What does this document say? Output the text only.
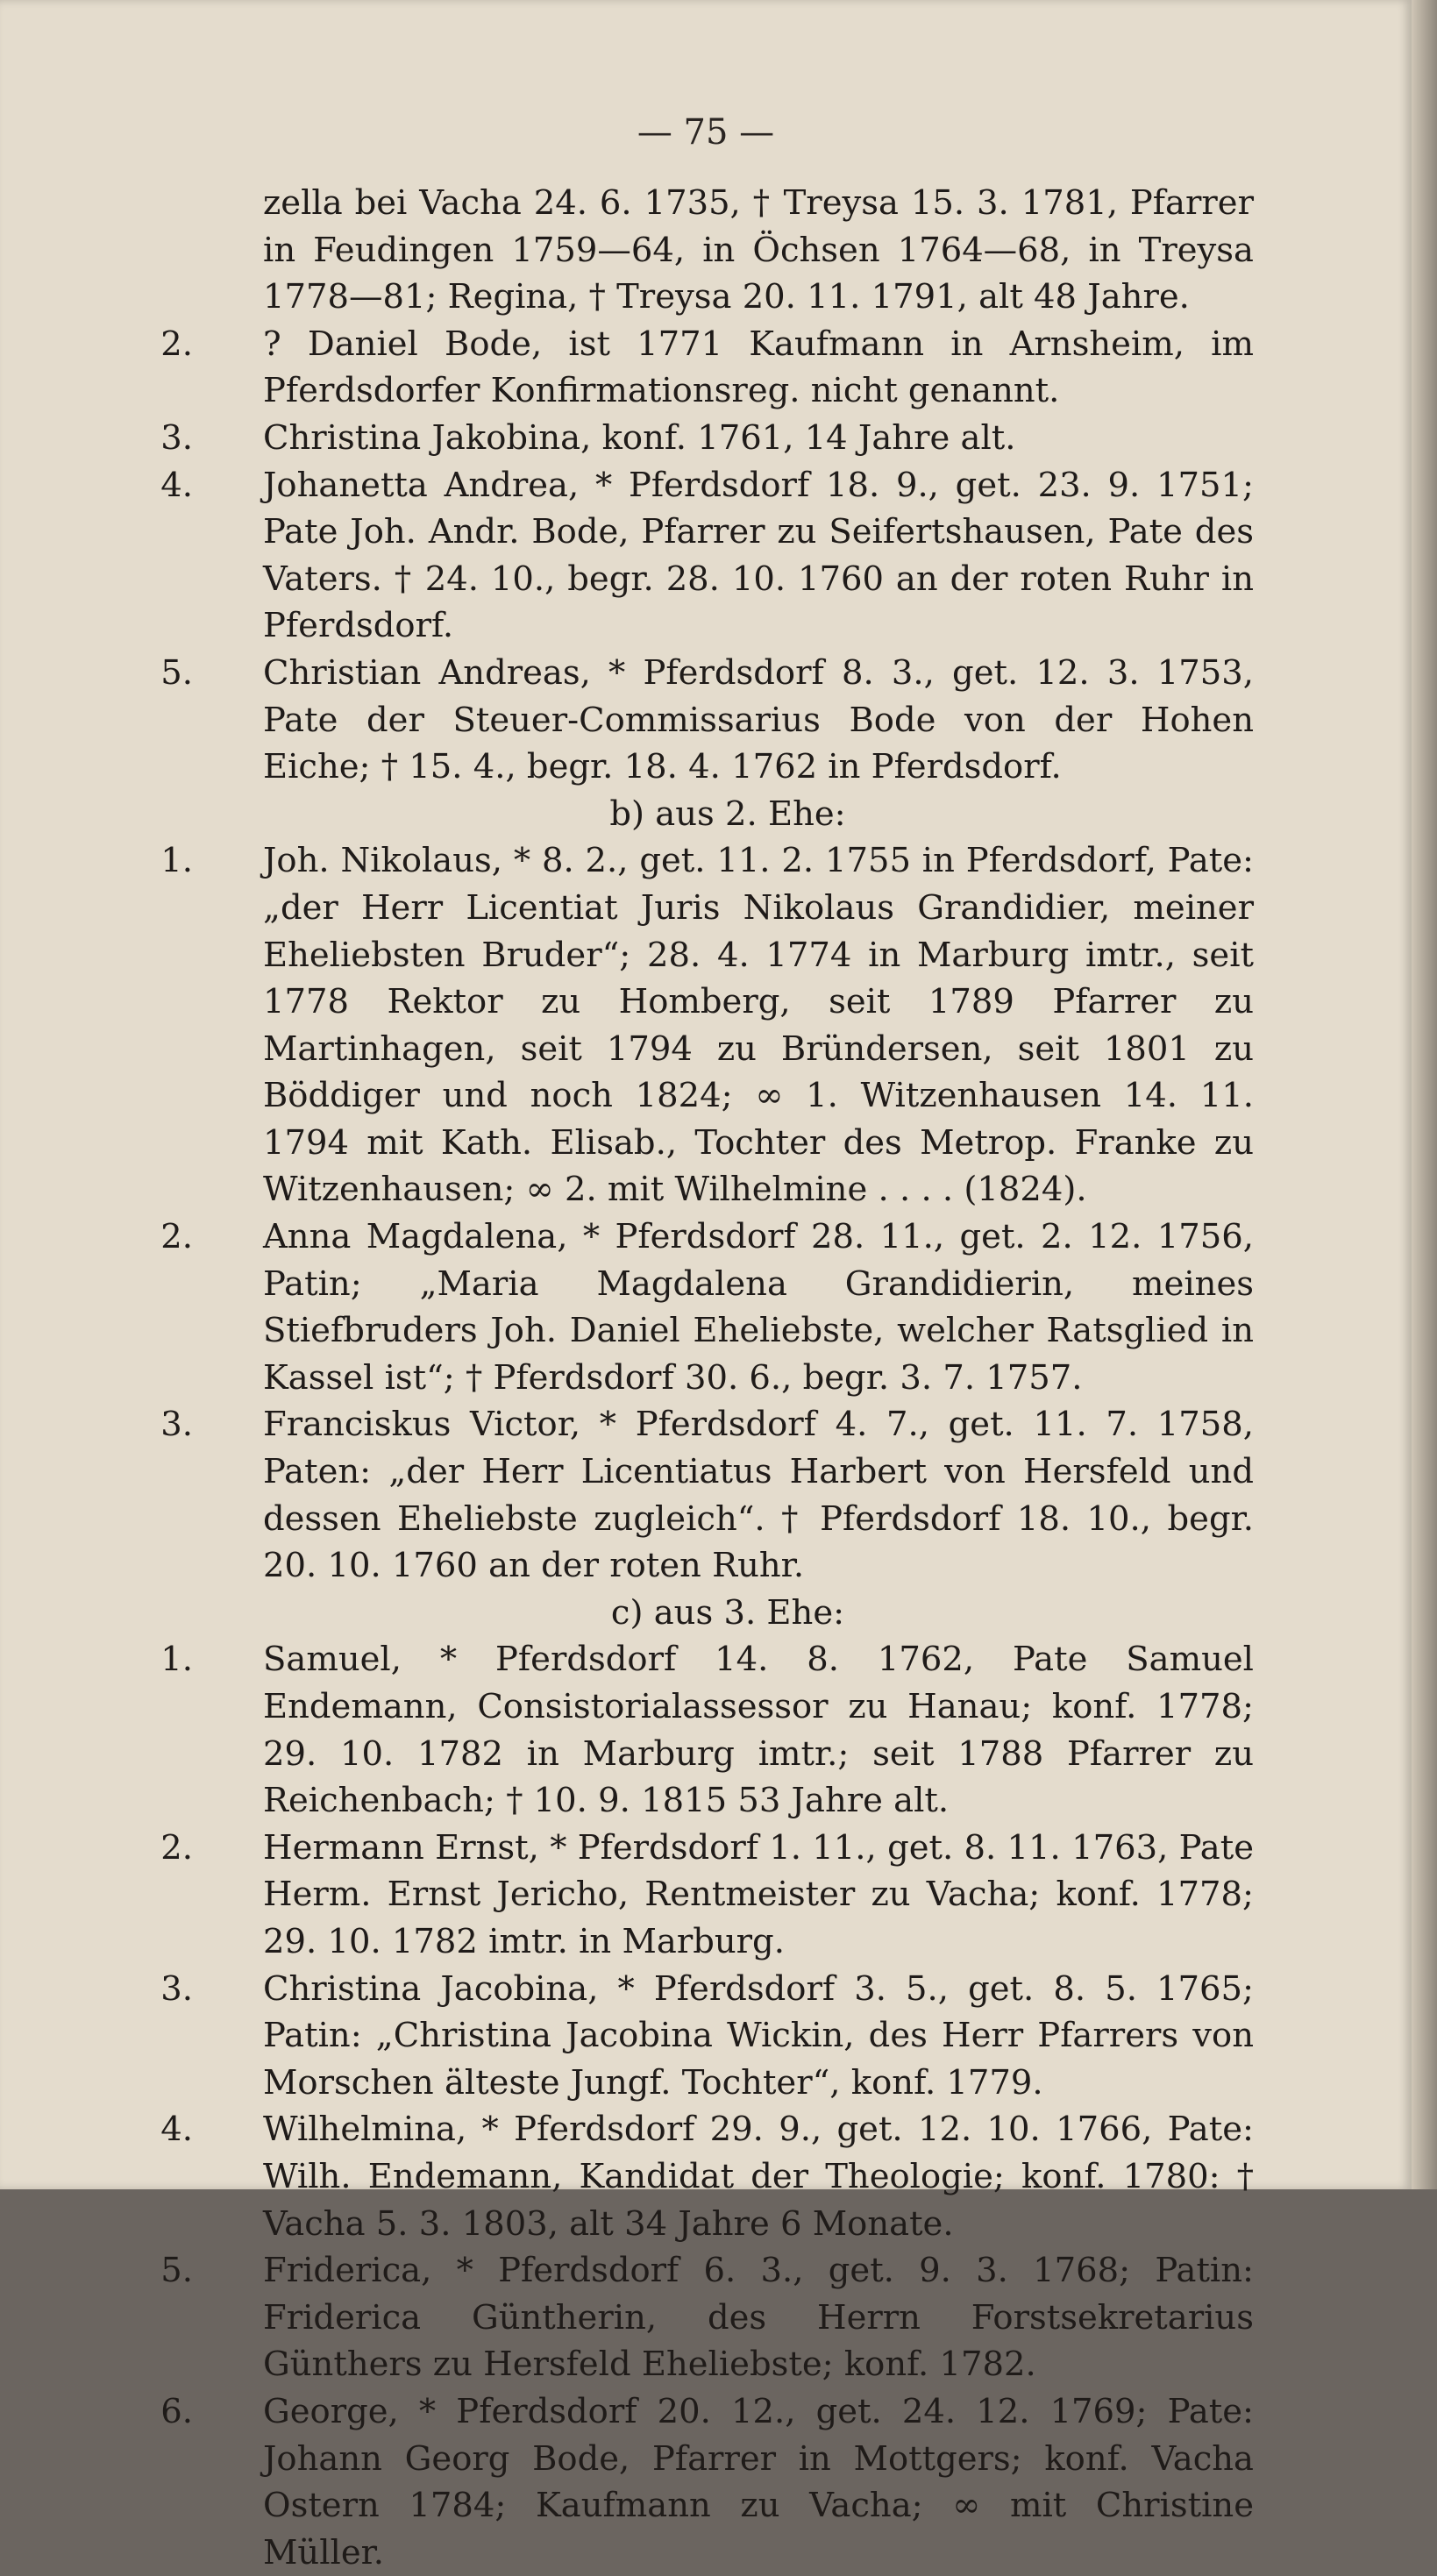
— 75 —
zella bei Vacha 24. 6. 1735, † Treysa 15. 3. 1781, Pfarrer in Feudingen 1759—64, in Öchsen 1764—68, in Treysa 1778—81; Regina, † Treysa 20. 11. 1791, alt 48 Jahre.
2. ? Daniel Bode, ist 1771 Kaufmann in Arnsheim, im Pferdsdorfer Konfirmationsreg. nicht genannt.
3. Christina Jakobina, konf. 1761, 14 Jahre alt.
4. Johanetta Andrea, * Pferdsdorf 18. 9., get. 23. 9. 1751; Pate Joh. Andr. Bode, Pfarrer zu Seifertshausen, Pate des Vaters. † 24. 10., begr. 28. 10. 1760 an der roten Ruhr in Pferdsdorf.
5. Christian Andreas, * Pferdsdorf 8. 3., get. 12. 3. 1753, Pate der Steuer-Commissarius Bode von der Hohen Eiche; † 15. 4., begr. 18. 4. 1762 in Pferdsdorf.
b) aus 2. Ehe:
1. Joh. Nikolaus, * 8. 2., get. 11. 2. 1755 in Pferdsdorf, Pate: „der Herr Licentiat Juris Nikolaus Grandidier, meiner Eheliebsten Bruder“; 28. 4. 1774 in Marburg imtr., seit 1778 Rektor zu Homberg, seit 1789 Pfarrer zu Martinhagen, seit 1794 zu Bründersen, seit 1801 zu Böddiger und noch 1824; ∞ 1. Witzenhausen 14. 11. 1794 mit Kath. Elisab., Tochter des Metrop. Franke zu Witzenhausen; ∞ 2. mit Wilhelmine . . . . (1824).
2. Anna Magdalena, * Pferdsdorf 28. 11., get. 2. 12. 1756, Patin; „Maria Magdalena Grandidierin, meines Stiefbruders Joh. Daniel Eheliebste, welcher Ratsglied in Kassel ist“; † Pferdsdorf 30. 6., begr. 3. 7. 1757.
3. Franciskus Victor, * Pferdsdorf 4. 7., get. 11. 7. 1758, Paten: „der Herr Licentiatus Harbert von Hersfeld und dessen Eheliebste zugleich“. † Pferdsdorf 18. 10., begr. 20. 10. 1760 an der roten Ruhr.
c) aus 3. Ehe:
1. Samuel, * Pferdsdorf 14. 8. 1762, Pate Samuel Endemann, Consistorialassessor zu Hanau; konf. 1778; 29. 10. 1782 in Marburg imtr.; seit 1788 Pfarrer zu Reichenbach; † 10. 9. 1815 53 Jahre alt.
2. Hermann Ernst, * Pferdsdorf 1. 11., get. 8. 11. 1763, Pate Herm. Ernst Jericho, Rentmeister zu Vacha; konf. 1778; 29. 10. 1782 imtr. in Marburg.
3. Christina Jacobina, * Pferdsdorf 3. 5., get. 8. 5. 1765; Patin: „Christina Jacobina Wickin, des Herr Pfarrers von Morschen älteste Jungf. Tochter“, konf. 1779.
4. Wilhelmina, * Pferdsdorf 29. 9., get. 12. 10. 1766, Pate: Wilh. Endemann, Kandidat der Theologie; konf. 1780: † Vacha 5. 3. 1803, alt 34 Jahre 6 Monate.
5. Friderica, * Pferdsdorf 6. 3., get. 9. 3. 1768; Patin: Friderica Güntherin, des Herrn Forstsekretarius Günthers zu Hersfeld Eheliebste; konf. 1782.
6. George, * Pferdsdorf 20. 12., get. 24. 12. 1769; Pate: Johann Georg Bode, Pfarrer in Mottgers; konf. Vacha Ostern 1784; Kaufmann zu Vacha; ∞ mit Christine Müller.
